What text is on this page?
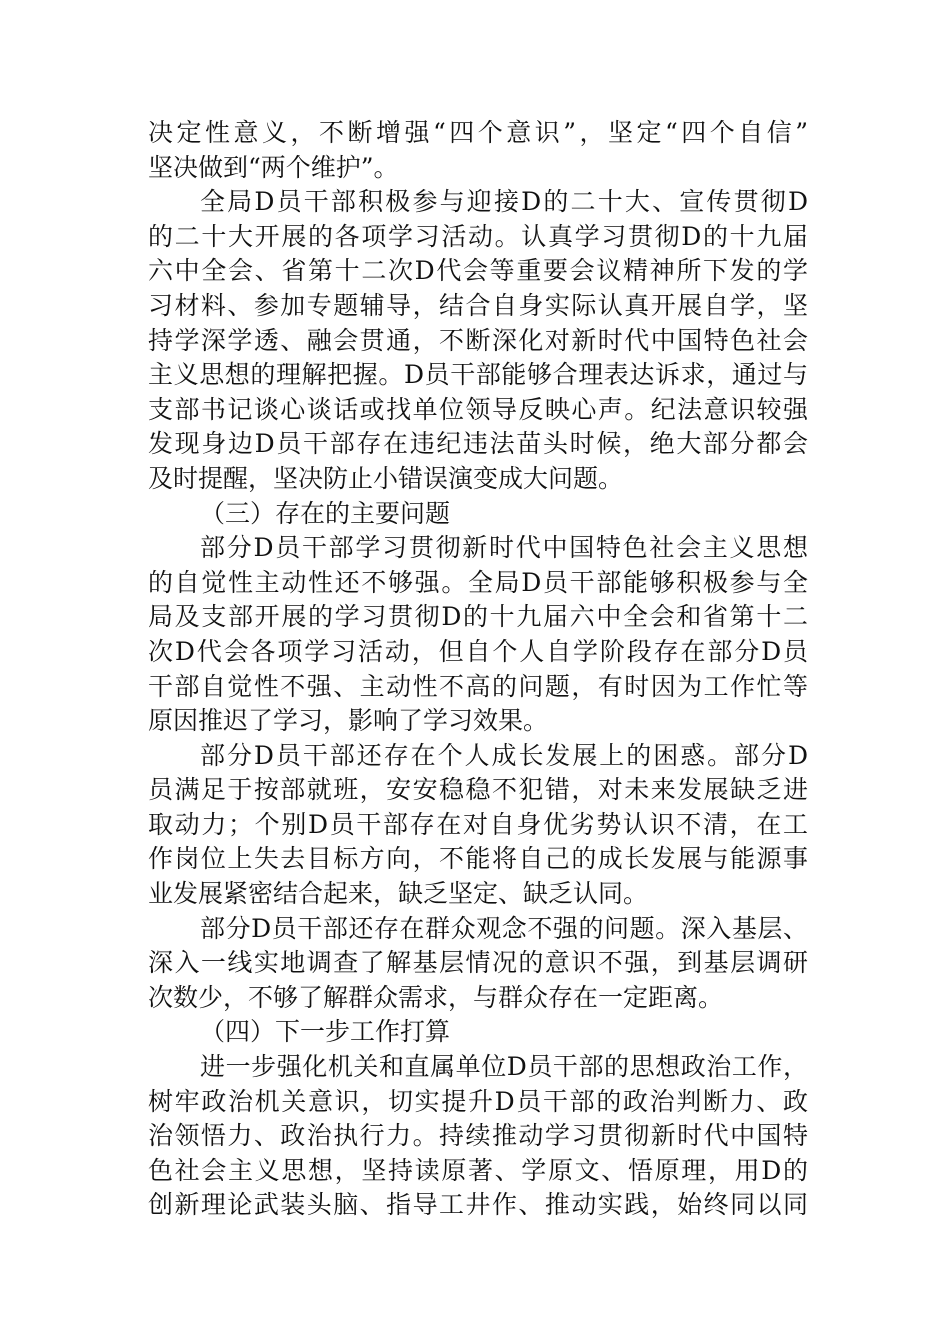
决定性意义，不断增强“四个意识”，坚定“四个自信”
坚决做到“两个维护”。
全局D员干部积极参与迎接D的二十大、宣传贯彻D
的二十大开展的各项学习活动。认真学习贯彻D的十九届
六中全会、省第十二次D代会等重要会议精神所下发的学
习材料、参加专题辅导，结合自身实际认真开展自学，坚
持学深学透、融会贯通，不断深化对新时代中国特色社会
主义思想的理解把握。D员干部能够合理表达诉求，通过与
支部书记谈心谈话或找单位领导反映心声。纪法意识较强
发现身边D员干部存在违纪违法苗头时候，绝大部分都会
及时提醒，坚决防止小错误演变成大问题。
（三）存在的主要问题
部分D员干部学习贯彻新时代中国特色社会主义思想
的自觉性主动性还不够强。全局D员干部能够积极参与全
局及支部开展的学习贯彻D的十九届六中全会和省第十二
次D代会各项学习活动，但自个人自学阶段存在部分D员
干部自觉性不强、主动性不高的问题，有时因为工作忙等
原因推迟了学习，影响了学习效果。
部分D员干部还存在个人成长发展上的困惑。部分D
员满足于按部就班，安安稳稳不犯错，对未来发展缺乏进
取动力；个别D员干部存在对自身优劣势认识不清，在工
作岗位上失去目标方向，不能将自己的成长发展与能源事
业发展紧密结合起来，缺乏坚定、缺乏认同。
部分D员干部还存在群众观念不强的问题。深入基层、
深入一线实地调查了解基层情况的意识不强，到基层调研
次数少，不够了解群众需求，与群众存在一定距离。
（四）下一步工作打算
进一步强化机关和直属单位D员干部的思想政治工作，
树牢政治机关意识，切实提升D员干部的政治判断力、政
治领悟力、政治执行力。持续推动学习贯彻新时代中国特
色社会主义思想，坚持读原著、学原文、悟原理，用D的
创新理论武装头脑、指导工井作、推动实践，始终同以同
